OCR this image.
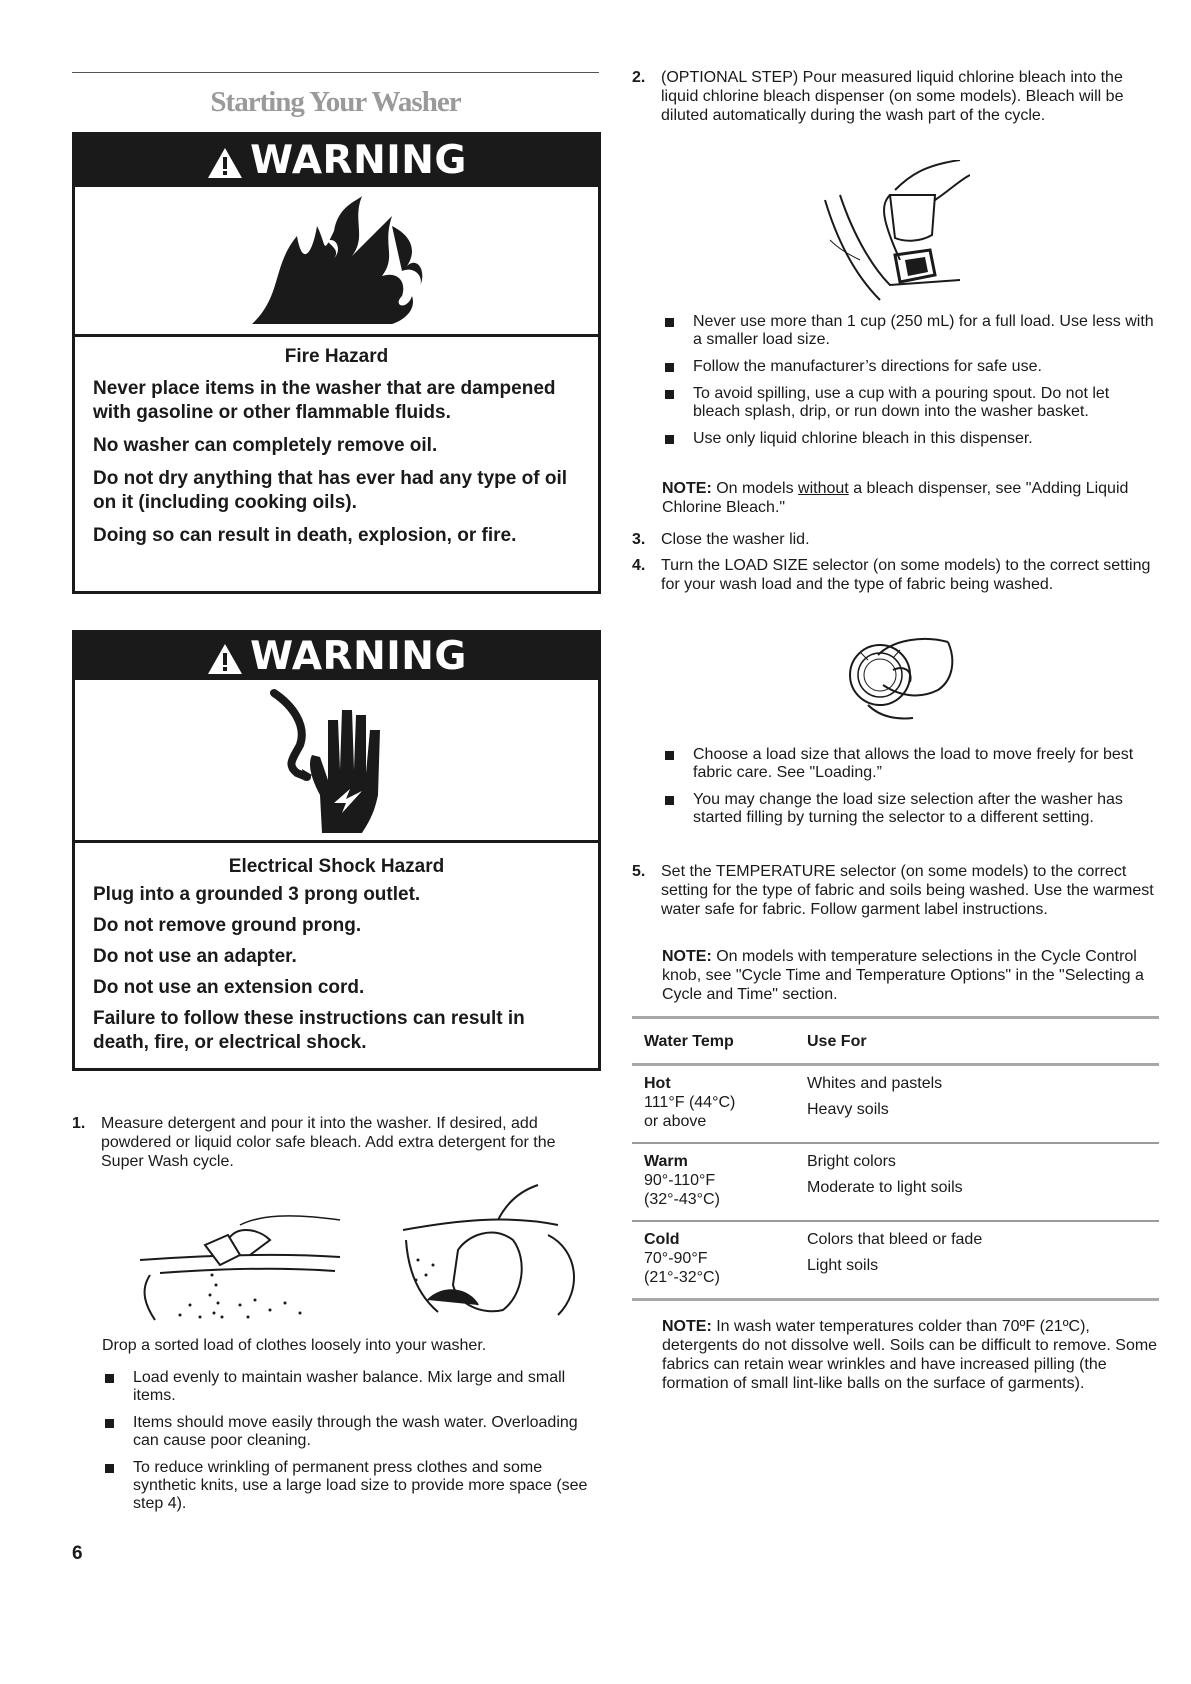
Starting Your Washer
WARNING
Fire Hazard

Never place items in the washer that are dampened with gasoline or other flammable fluids.

No washer can completely remove oil.

Do not dry anything that has ever had any type of oil on it (including cooking oils).

Doing so can result in death, explosion, or fire.

WARNING
Electrical Shock Hazard

Plug into a grounded 3 prong outlet.

Do not remove ground prong.

Do not use an adapter.

Do not use an extension cord.

Failure to follow these instructions can result in death, fire, or electrical shock.

1. Measure detergent and pour it into the washer. If desired, add powdered or liquid color safe bleach. Add extra detergent for the Super Wash cycle.
Drop a sorted load of clothes loosely into your washer.
Load evenly to maintain washer balance. Mix large and small items.
Items should move easily through the wash water. Overloading can cause poor cleaning.
To reduce wrinkling of permanent press clothes and some synthetic knits, use a large load size to provide more space (see step 4).
6
2. (OPTIONAL STEP) Pour measured liquid chlorine bleach into the liquid chlorine bleach dispenser (on some models). Bleach will be diluted automatically during the wash part of the cycle.
Never use more than 1 cup (250 mL) for a full load. Use less with a smaller load size.
Follow the manufacturer’s directions for safe use.
To avoid spilling, use a cup with a pouring spout. Do not let bleach splash, drip, or run down into the washer basket.
Use only liquid chlorine bleach in this dispenser.
NOTE: On models without a bleach dispenser, see "Adding Liquid Chlorine Bleach."
3. Close the washer lid.
4. Turn the LOAD SIZE selector (on some models) to the correct setting for your wash load and the type of fabric being washed.
Choose a load size that allows the load to move freely for best fabric care. See "Loading.”
You may change the load size selection after the washer has started filling by turning the selector to a different setting.
5. Set the TEMPERATURE selector (on some models) to the correct setting for the type of fabric and soils being washed. Use the warmest water safe for fabric. Follow garment label instructions.
NOTE: On models with temperature selections in the Cycle Control knob, see "Cycle Time and Temperature Options" in the "Selecting a Cycle and Time" section.
Water Temp	Use For
Hot
111°F (44°C)
or above
Whites and pastels
Heavy soils
Warm
90°-110°F
(32°-43°C)
Bright colors
Moderate to light soils
Cold
70°-90°F
(21°-32°C)
Colors that bleed or fade
Light soils
NOTE: In wash water temperatures colder than 70ºF (21ºC), detergents do not dissolve well. Soils can be difficult to remove. Some fabrics can retain wear wrinkles and have increased pilling (the formation of small lint-like balls on the surface of garments).
